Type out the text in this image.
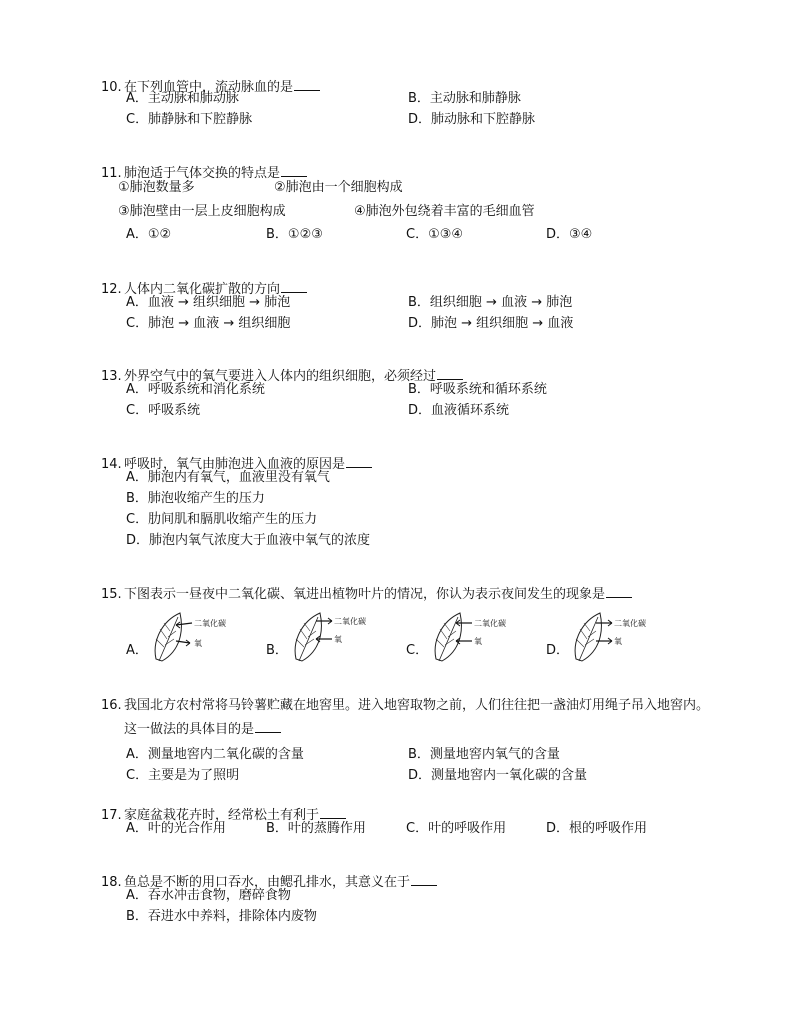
10. 在下列血管中，流动脉血的是
A．主动脉和肺动脉	B．主动脉和肺静脉
C．肺静脉和下腔静脉	D．肺动脉和下腔静脉
11. 肺泡适于气体交换的特点是
①肺泡数量多	②肺泡由一个细胞构成
③肺泡壁由一层上皮细胞构成	④肺泡外包绕着丰富的毛细血管
A．①②	B．①②③	C．①③④	D．③④
12. 人体内二氧化碳扩散的方向
A．血液 → 组织细胞 → 肺泡	B．组织细胞 → 血液 → 肺泡
C．肺泡 → 血液 → 组织细胞	D．肺泡 → 组织细胞 → 血液
13. 外界空气中的氧气要进入人体内的组织细胞，必须经过
A．呼吸系统和消化系统	B．呼吸系统和循环系统
C．呼吸系统	D．血液循环系统
14. 呼吸时，氧气由肺泡进入血液的原因是
A．肺泡内有氧气，血液里没有氧气
B．肺泡收缩产生的压力
C．肋间肌和膈肌收缩产生的压力
D．肺泡内氧气浓度大于血液中氧气的浓度
15. 下图表示一昼夜中二氧化碳、氧进出植物叶片的情况，你认为表示夜间发生的现象是
A．
二氧化碳
氧	B．
二氧化碳
氧
C．
二氧化碳
氧
D．
二氧化碳
氧
16. 我国北方农村常将马铃薯贮藏在地窖里。进入地窖取物之前，人们往往把一盏油灯用绳子吊入地窖内。这一做法的具体目的是
A．测量地窖内二氧化碳的含量	B．测量地窖内氧气的含量
C．主要是为了照明	D．测量地窖内一氧化碳的含量
17. 家庭盆栽花卉时，经常松土有利于
A．叶的光合作用	B．叶的蒸腾作用	C．叶的呼吸作用	D．根的呼吸作用
18. 鱼总是不断的用口吞水，由鳃孔排水，其意义在于
A．吞水冲击食物，磨碎食物
B．吞进水中养料，排除体内废物
